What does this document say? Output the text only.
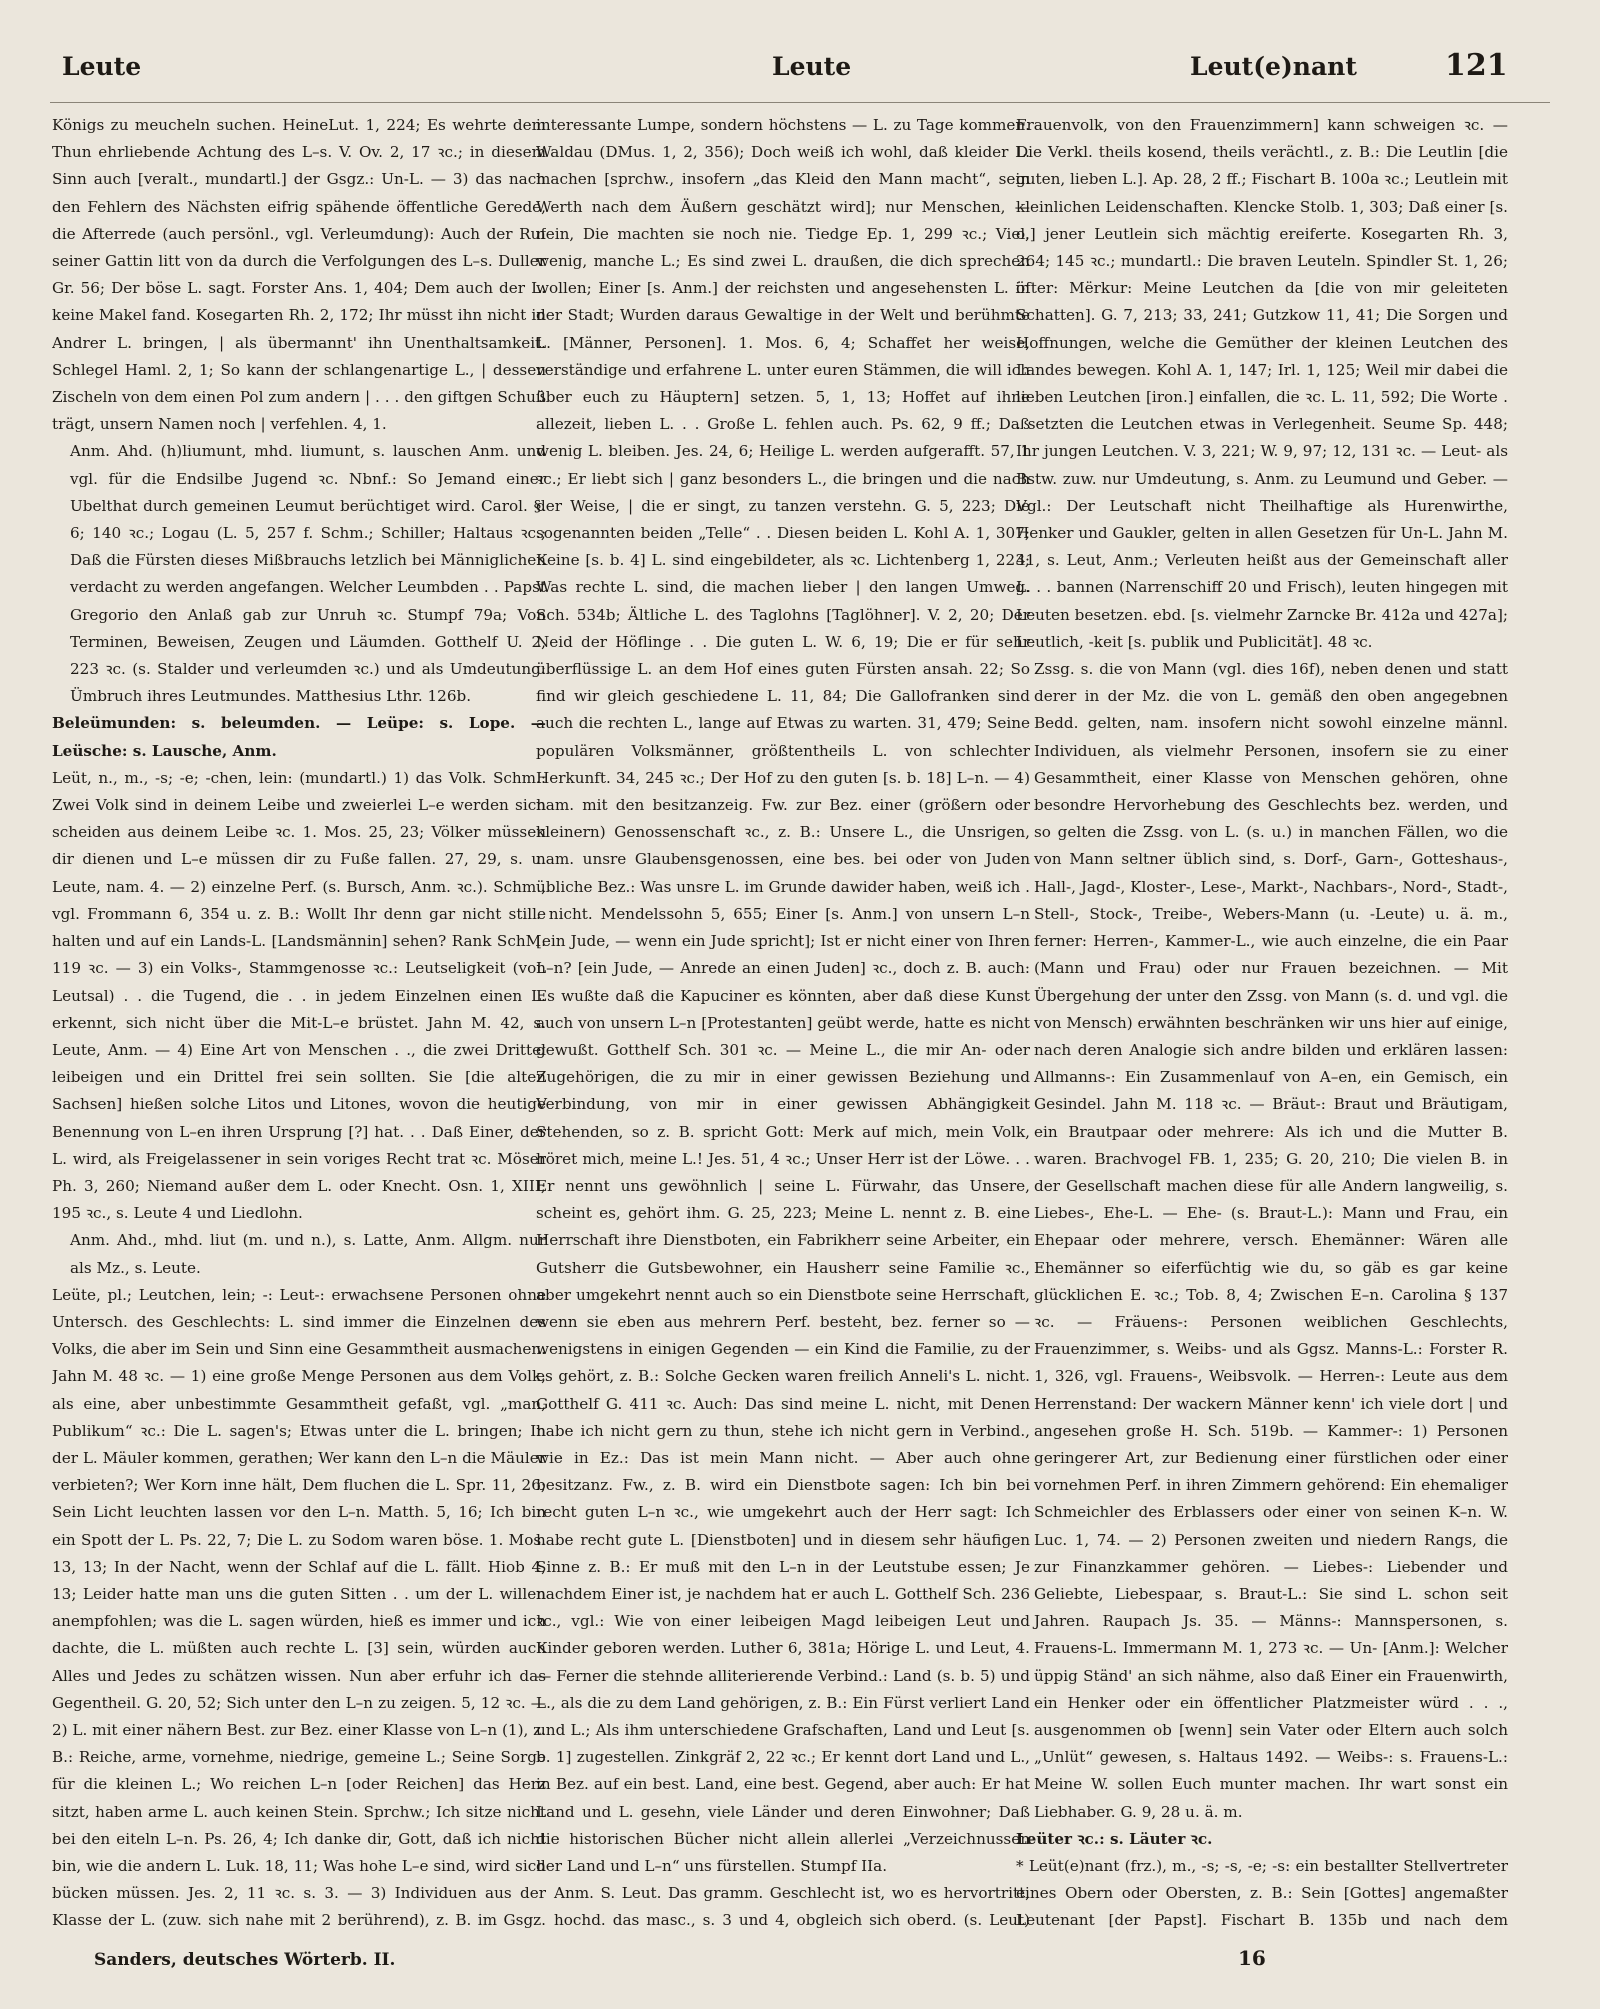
Leute	Leute	Leut(e)nant	121

Königs zu meucheln suchen. HeineLut. 1, 224; Es wehrte dem Thun ehrliebende Achtung des L–s. V. Ov. 2, 17 ꝛc.; in diesem Sinn auch [veralt., mundartl.] der Gsgz.: Un-L. — 3) das nach den Fehlern des Nächsten eifrig spähende öffentliche Gerede, die Afterrede (auch persönl., vgl. Verleumdung): Auch der Ruf seiner Gattin litt von da durch die Verfolgungen des L–s. Duller Gr. 56; Der böse L. sagt. Forster Ans. 1, 404; Dem auch der L. keine Makel fand. Kosegarten Rh. 2, 172; Ihr müsst ihn nicht in Andrer L. bringen, | als übermannt' ihn Unenthaltsamkeit. Schlegel Haml. 2, 1; So kann der schlangenartige L., | dessen Zischeln von dem einen Pol zum andern | . . . den giftgen Schuß trägt, unsern Namen noch | verfehlen. 4, 1.

Anm. Ahd. (h)liumunt, mhd. liumunt, s. lauschen Anm. und vgl. für die Endsilbe Jugend ꝛc. Nbnf.: So Jemand einer Ubelthat durch gemeinen Leumut berüchtiget wird. Carol. §. 6; 140 ꝛc.; Logau (L. 5, 257 f. Schm.; Schiller; Haltaus ꝛc.; Daß die Fürsten dieses Mißbrauchs letzlich bei Männiglichen verdacht zu werden angefangen. Welcher Leumbden . . Papst Gregorio den Anlaß gab zur Unruh ꝛc. Stumpf 79a; Von Terminen, Beweisen, Zeugen und Läumden. Gotthelf U. 2, 223 ꝛc. (s. Stalder und verleumden ꝛc.) und als Umdeutung: Ümbruch ihres Leutmundes. Matthesius Lthr. 126b.

Beleümunden: s. beleumden. — Leüpe: s. Lope. — Leüsche: s. Lausche, Anm.

Leüt, n., m., -s; -e; -chen, lein: (mundartl.) 1) das Volk. Schm.: Zwei Volk sind in deinem Leibe und zweierlei L–e werden sich scheiden aus deinem Leibe ꝛc. 1. Mos. 25, 23; Völker müssen dir dienen und L–e müssen dir zu Fuße fallen. 27, 29, s. u. Leute, nam. 4. — 2) einzelne Perf. (s. Bursch, Anm. ꝛc.). Schm., vgl. Frommann 6, 354 u. z. B.: Wollt Ihr denn gar nicht stille halten und auf ein Lands-L. [Landsmännin] sehen? Rank SchM. 119 ꝛc. — 3) ein Volks-, Stammgenosse ꝛc.: Leutseligkeit (von Leutsal) . . die Tugend, die . . in jedem Einzelnen einen L. erkennt, sich nicht über die Mit-L–e brüstet. Jahn M. 42, s. Leute, Anm. — 4) Eine Art von Menschen . ., die zwei Drittel leibeigen und ein Drittel frei sein sollten. Sie [die alten Sachsen] hießen solche Litos und Litones, wovon die heutige Benennung von L–en ihren Ursprung [?] hat. . . Daß Einer, der L. wird, als Freigelassener in sein voriges Recht trat ꝛc. Möser Ph. 3, 260; Niemand außer dem L. oder Knecht. Osn. 1, XIII; 195 ꝛc., s. Leute 4 und Liedlohn.

Anm. Ahd., mhd. liut (m. und n.), s. Latte, Anm. Allgm. nur als Mz., s. Leute.

Leüte, pl.; Leutchen, lein; -: Leut-: erwachsene Personen ohne Untersch. des Geschlechts: L. sind immer die Einzelnen des Volks, die aber im Sein und Sinn eine Gesammtheit ausmachen. Jahn M. 48 ꝛc. — 1) eine große Menge Personen aus dem Volk, als eine, aber unbestimmte Gesammtheit gefaßt, vgl. „man, Publikum“ ꝛc.: Die L. sagen's; Etwas unter die L. bringen; In der L. Mäuler kommen, gerathen; Wer kann den L–n die Mäuler verbieten?; Wer Korn inne hält, Dem fluchen die L. Spr. 11, 26; Sein Licht leuchten lassen vor den L–n. Matth. 5, 16; Ich bin ein Spott der L. Ps. 22, 7; Die L. zu Sodom waren böse. 1. Mos. 13, 13; In der Nacht, wenn der Schlaf auf die L. fällt. Hiob 4, 13; Leider hatte man uns die guten Sitten . . um der L. willen anempfohlen; was die L. sagen würden, hieß es immer und ich dachte, die L. müßten auch rechte L. [3] sein, würden auch Alles und Jedes zu schätzen wissen. Nun aber erfuhr ich das Gegentheil. G. 20, 52; Sich unter den L–n zu zeigen. 5, 12 ꝛc. — 2) L. mit einer nähern Best. zur Bez. einer Klasse von L–n (1), z. B.: Reiche, arme, vornehme, niedrige, gemeine L.; Seine Sorge für die kleinen L.; Wo reichen L–n [oder Reichen] das Herz sitzt, haben arme L. auch keinen Stein. Sprchw.; Ich sitze nicht bei den eiteln L–n. Ps. 26, 4; Ich danke dir, Gott, daß ich nicht bin, wie die andern L. Luk. 18, 11; Was hohe L–e sind, wird sich bücken müssen. Jes. 2, 11 ꝛc. s. 3. — 3) Individuen aus der Klasse der L. (zuw. sich nahe mit 2 berührend), z. B. im Gsgz.

interessante Lumpe, sondern höchstens — L. zu Tage kommen. Waldau (DMus. 1, 2, 356); Doch weiß ich wohl, daß kleider L. machen [sprchw., insofern „das Kleid den Mann macht“, sein Werth nach dem Äußern geschätzt wird]; nur Menschen, — nein, Die machten sie noch nie. Tiedge Ep. 1, 299 ꝛc.; Viel, wenig, manche L.; Es sind zwei L. draußen, die dich sprechen wollen; Einer [s. Anm.] der reichsten und angesehensten L. in der Stadt; Wurden daraus Gewaltige in der Welt und berühmte L. [Männer, Personen]. 1. Mos. 6, 4; Schaffet her weise, verständige und erfahrene L. unter euren Stämmen, die will ich über euch zu Häuptern] setzen. 5, 1, 13; Hoffet auf ihne allezeit, lieben L. . . Große L. fehlen auch. Ps. 62, 9 ff.; Daß wenig L. bleiben. Jes. 24, 6; Heilige L. werden aufgerafft. 57, 1 ꝛc.; Er liebt sich | ganz besonders L., die bringen und die nach der Weise, | die er singt, zu tanzen verstehn. G. 5, 223; Die sogenannten beiden „Telle“ . . Diesen beiden L. Kohl A. 1, 307; Keine [s. b. 4] L. sind eingebildeter, als ꝛc. Lichtenberg 1, 223; Was rechte L. sind, die machen lieber | den langen Umweg. Sch. 534b; Ältliche L. des Taglohns [Taglöhner]. V. 2, 20; Der Neid der Höflinge . . Die guten L. W. 6, 19; Die er für sehr überflüssige L. an dem Hof eines guten Fürsten ansah. 22; So find wir gleich geschiedene L. 11, 84; Die Gallofranken sind auch die rechten L., lange auf Etwas zu warten. 31, 479; Seine populären Volksmänner, größtentheils L. von schlechter Herkunft. 34, 245 ꝛc.; Der Hof zu den guten [s. b. 18] L–n. — 4) nam. mit den besitzanzeig. Fw. zur Bez. einer (größern oder kleinern) Genossenschaft ꝛc., z. B.: Unsere L., die Unsrigen, nam. unsre Glaubensgenossen, eine bes. bei oder von Juden übliche Bez.: Was unsre L. im Grunde dawider haben, weiß ich . . nicht. Mendelssohn 5, 655; Einer [s. Anm.] von unsern L–n [ein Jude, — wenn ein Jude spricht]; Ist er nicht einer von Ihren L–n? [ein Jude, — Anrede an einen Juden] ꝛc., doch z. B. auch: Es wußte daß die Kapuciner es könnten, aber daß diese Kunst auch von unsern L–n [Protestanten] geübt werde, hatte es nicht gewußt. Gotthelf Sch. 301 ꝛc. — Meine L., die mir An- oder Zugehörigen, die zu mir in einer gewissen Beziehung und Verbindung, von mir in einer gewissen Abhängigkeit Stehenden, so z. B. spricht Gott: Merk auf mich, mein Volk, höret mich, meine L.! Jes. 51, 4 ꝛc.; Unser Herr ist der Löwe. . . Er nennt uns gewöhnlich | seine L. Fürwahr, das Unsere, scheint es, gehört ihm. G. 25, 223; Meine L. nennt z. B. eine Herrschaft ihre Dienstboten, ein Fabrikherr seine Arbeiter, ein Gutsherr die Gutsbewohner, ein Hausherr seine Familie ꝛc., aber umgekehrt nennt auch so ein Dienstbote seine Herrschaft, wenn sie eben aus mehrern Perf. besteht, bez. ferner so — wenigstens in einigen Gegenden — ein Kind die Familie, zu der es gehört, z. B.: Solche Gecken waren freilich Anneli's L. nicht. Gotthelf G. 411 ꝛc. Auch: Das sind meine L. nicht, mit Denen habe ich nicht gern zu thun, stehe ich nicht gern in Verbind., wie in Ez.: Das ist mein Mann nicht. — Aber auch ohne besitzanz. Fw., z. B. wird ein Dienstbote sagen: Ich bin bei recht guten L–n ꝛc., wie umgekehrt auch der Herr sagt: Ich habe recht gute L. [Dienstboten] und in diesem sehr häufigen Sinne z. B.: Er muß mit den L–n in der Leutstube essen; Je nachdem Einer ist, je nachdem hat er auch L. Gotthelf Sch. 236 ꝛc., vgl.: Wie von einer leibeigen Magd leibeigen Leut und Kinder geboren werden. Luther 6, 381a; Hörige L. und Leut, 4. — Ferner die stehnde alliterierende Verbind.: Land (s. b. 5) und L., als die zu dem Land gehörigen, z. B.: Ein Fürst verliert Land und L.; Als ihm unterschiedene Grafschaften, Land und Leut [s. b. 1] zugestellen. Zinkgräf 2, 22 ꝛc.; Er kennt dort Land und L., in Bez. auf ein best. Land, eine best. Gegend, aber auch: Er hat Land und L. gesehn, viele Länder und deren Einwohner; Daß die historischen Bücher nicht allein allerlei „Verzeichnussen der Land und L–n“ uns fürstellen. Stumpf IIa.

Anm. S. Leut. Das gramm. Geschlecht ist, wo es hervortritt, hochd. das masc., s. 3 und 4, obgleich sich oberd. (s. Leut)

Frauenvolk, von den Frauenzimmern] kann schweigen ꝛc. — Die Verkl. theils kosend, theils verächtl., z. B.: Die Leutlin [die guten, lieben L.]. Ap. 28, 2 ff.; Fischart B. 100a ꝛc.; Leutlein mit kleinlichen Leidenschaften. Klencke Stolb. 1, 303; Daß einer [s. o.] jener Leutlein sich mächtig ereiferte. Kosegarten Rh. 3, 264; 145 ꝛc.; mundartl.: Die braven Leuteln. Spindler St. 1, 26; öfter: Mërkur: Meine Leutchen da [die von mir geleiteten Schatten]. G. 7, 213; 33, 241; Gutzkow 11, 41; Die Sorgen und Hoffnungen, welche die Gemüther der kleinen Leutchen des Landes bewegen. Kohl A. 1, 147; Irl. 1, 125; Weil mir dabei die lieben Leutchen [iron.] einfallen, die ꝛc. L. 11, 592; Die Worte . . setzten die Leutchen etwas in Verlegenheit. Seume Sp. 448; Ihr jungen Leutchen. V. 3, 221; W. 9, 97; 12, 131 ꝛc. — Leut- als Bstw. zuw. nur Umdeutung, s. Anm. zu Leumund und Geber. — Vgl.: Der Leutschaft nicht Theilhaftige als Hurenwirthe, Henker und Gaukler, gelten in allen Gesetzen für Un-L. Jahn M. 41, s. Leut, Anm.; Verleuten heißt aus der Gemeinschaft aller L. . . bannen (Narrenschiff 20 und Frisch), leuten hingegen mit Leuten besetzen. ebd. [s. vielmehr Zarncke Br. 412a und 427a]; Leutlich, -keit [s. publik und Publicität]. 48 ꝛc.

Zssg. s. die von Mann (vgl. dies 16f), neben denen und statt derer in der Mz. die von L. gemäß den oben angegebnen Bedd. gelten, nam. insofern nicht sowohl einzelne männl. Individuen, als vielmehr Personen, insofern sie zu einer Gesammtheit, einer Klasse von Menschen gehören, ohne besondre Hervorhebung des Geschlechts bez. werden, und so gelten die Zssg. von L. (s. u.) in manchen Fällen, wo die von Mann seltner üblich sind, s. Dorf-, Garn-, Gotteshaus-, Hall-, Jagd-, Kloster-, Lese-, Markt-, Nachbars-, Nord-, Stadt-, Stell-, Stock-, Treibe-, Webers-Mann (u. -Leute) u. ä. m., ferner: Herren-, Kammer-L., wie auch einzelne, die ein Paar (Mann und Frau) oder nur Frauen bezeichnen. — Mit Übergehung der unter den Zssg. von Mann (s. d. und vgl. die von Mensch) erwähnten beschränken wir uns hier auf einige, nach deren Analogie sich andre bilden und erklären lassen: Allmanns-: Ein Zusammenlauf von A–en, ein Gemisch, ein Gesindel. Jahn M. 118 ꝛc. — Bräut-: Braut und Bräutigam, ein Brautpaar oder mehrere: Als ich und die Mutter B. waren. Brachvogel FB. 1, 235; G. 20, 210; Die vielen B. in der Gesellschaft machen diese für alle Andern langweilig, s. Liebes-, Ehe-L. — Ehe- (s. Braut-L.): Mann und Frau, ein Ehepaar oder mehrere, versch. Ehemänner: Wären alle Ehemänner so eiferfüchtig wie du, so gäb es gar keine glücklichen E. ꝛc.; Tob. 8, 4; Zwischen E–n. Carolina § 137 ꝛc. — Fräuens-: Personen weiblichen Geschlechts, Frauenzimmer, s. Weibs- und als Ggsz. Manns-L.: Forster R. 1, 326, vgl. Frauens-, Weibsvolk. — Herren-: Leute aus dem Herrenstand: Der wackern Männer kenn' ich viele dort | und angesehen große H. Sch. 519b. — Kammer-: 1) Personen geringerer Art, zur Bedienung einer fürstlichen oder einer vornehmen Perf. in ihren Zimmern gehörend: Ein ehemaliger Schmeichler des Erblassers oder einer von seinen K–n. W. Luc. 1, 74. — 2) Personen zweiten und niedern Rangs, die zur Finanzkammer gehören. — Liebes-: Liebender und Geliebte, Liebespaar, s. Braut-L.: Sie sind L. schon seit Jahren. Raupach Js. 35. — Männs-: Mannspersonen, s. Frauens-L. Immermann M. 1, 273 ꝛc. — Un- [Anm.]: Welcher üppig Ständ' an sich nähme, also daß Einer ein Frauenwirth, ein Henker oder ein öffentlicher Platzmeister würd . . ., ausgenommen ob [wenn] sein Vater oder Eltern auch solch „Unlüt“ gewesen, s. Haltaus 1492. — Weibs-: s. Frauens-L.: Meine W. sollen Euch munter machen. Ihr wart sonst ein Liebhaber. G. 9, 28 u. ä. m.

Leüter ꝛc.: s. Läuter ꝛc.

* Leüt(e)nant (frz.), m., -s; -s, -e; -s: ein bestallter Stellvertreter eines Obern oder Obersten, z. B.: Sein [Gottes] angemaßter Leutenant [der Papst]. Fischart B. 135b und nach dem

Sanders, deutsches Wörterb. II.	16
